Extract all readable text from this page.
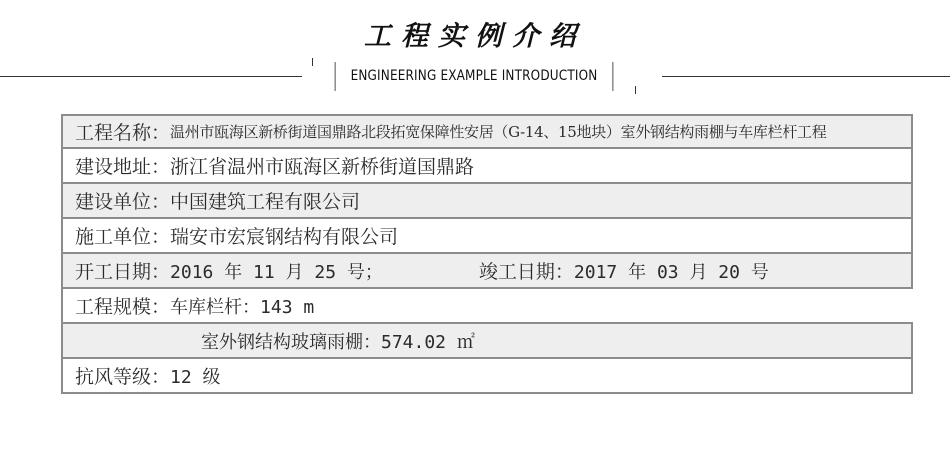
工程实例介绍
ENGINEERING EXAMPLE INTRODUCTION
工程名称： 温州市瓯海区新桥街道国鼎路北段拓宽保障性安居（G-14、15地块）室外钢结构雨棚与车库栏杆工程
建设地址： 浙江省温州市瓯海区新桥街道国鼎路
建设单位： 中国建筑工程有限公司
施工单位： 瑞安市宏宸钢结构有限公司
开工日期： 2016 年 11 月 25 号；	竣工日期： 2017 年 03 月 20 号
工程规模： 车库栏杆：143 m
室外钢结构玻璃雨棚：574.02 ㎡
抗风等级： 12 级
